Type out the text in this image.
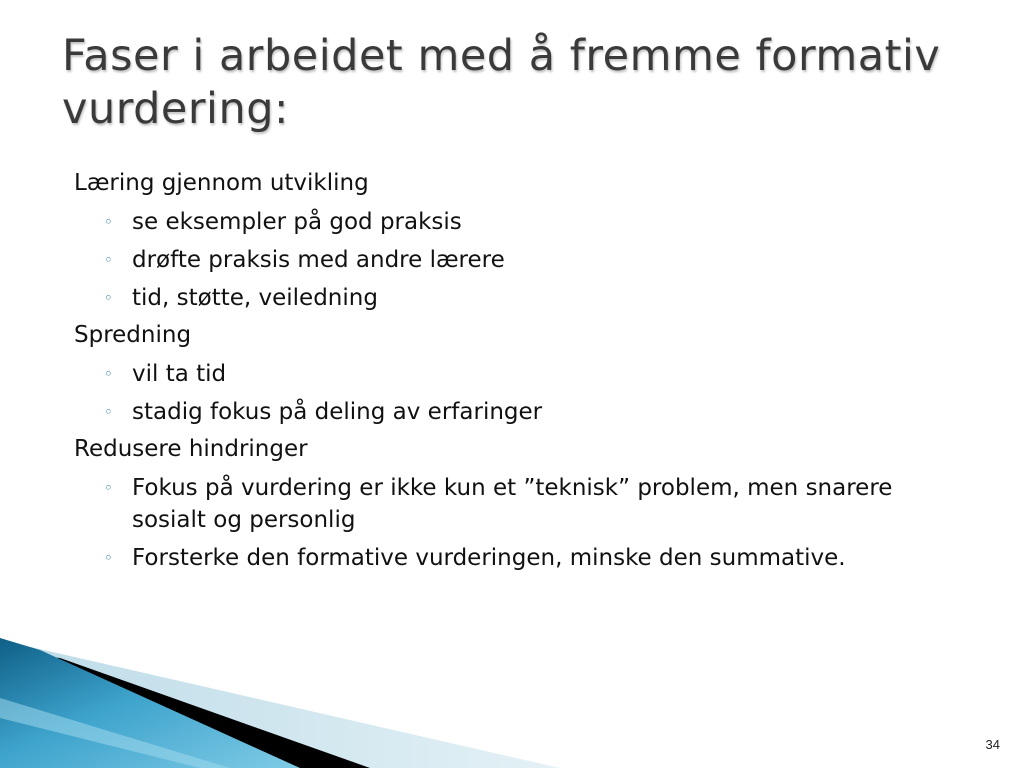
Faser i arbeidet med å fremme formativ vurdering:
Læring gjennom utvikling
◦ se eksempler på god praksis
◦ drøfte praksis med andre lærere
◦ tid, støtte, veiledning
Spredning
◦ vil ta tid
◦ stadig fokus på deling av erfaringer
Redusere hindringer
◦ Fokus på vurdering er ikke kun et ”teknisk” problem, men snarere sosialt og personlig
◦ Forsterke den formative vurderingen, minske den summative.
34
